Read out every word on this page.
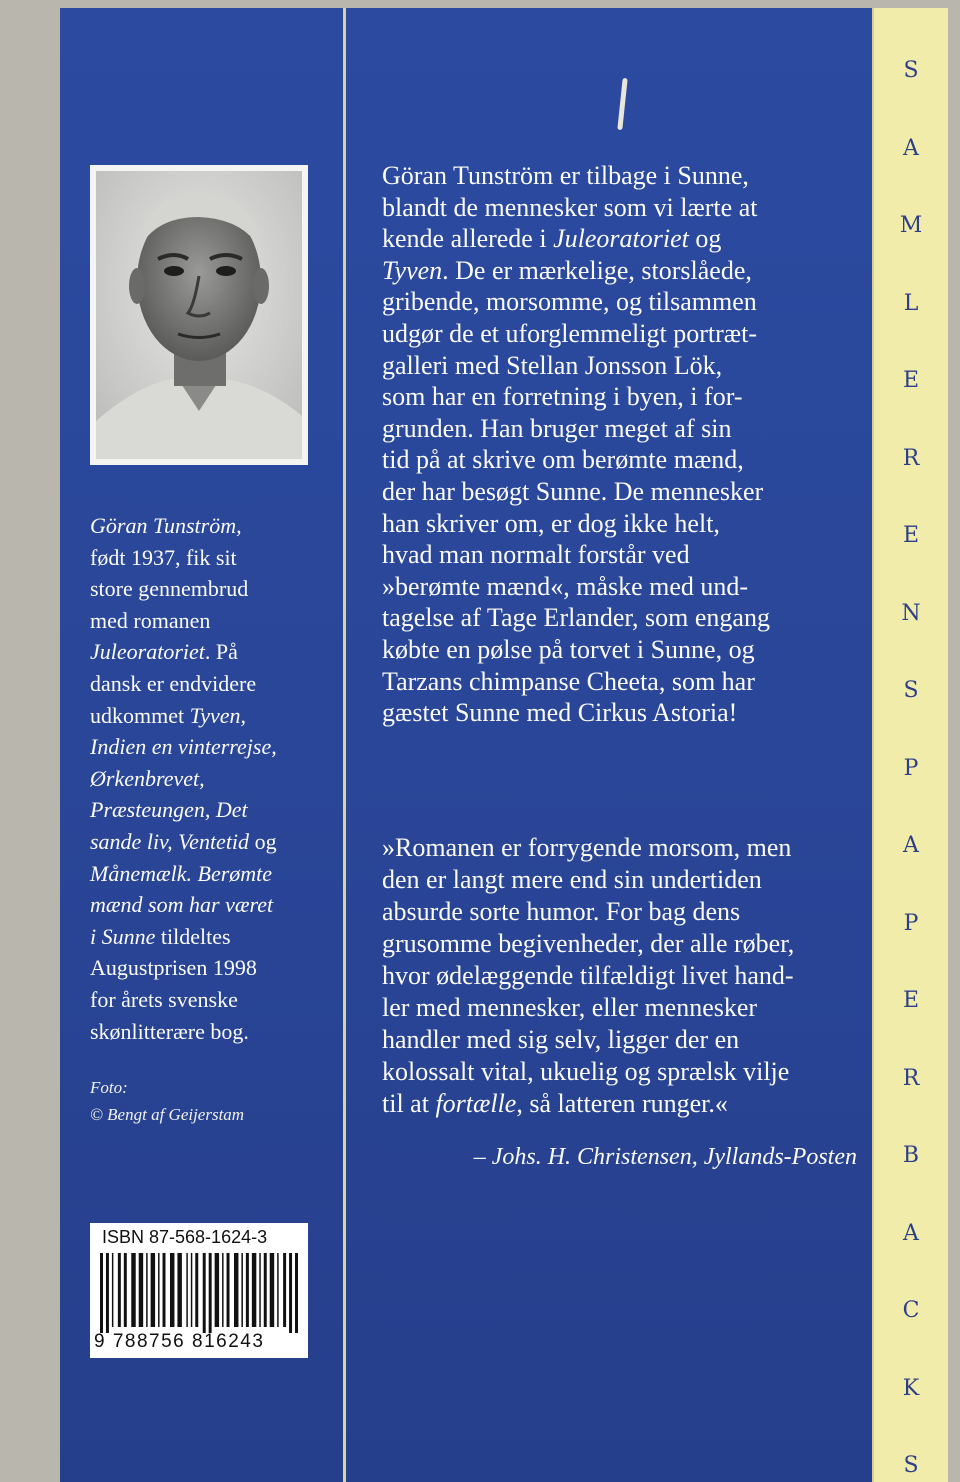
S
A
M
L
E
R
E
N
S
P
A
P
E
R
B
A
C
K
S
Göran Tunström,
født 1937, fik sit
store gennembrud
med romanen
Juleoratoriet. På
dansk er endvidere
udkommet Tyven,
Indien en vinterrejse,
Ørkenbrevet,
Præsteungen, Det
sande liv, Ventetid og
Månemælk. Berømte
mænd som har været
i Sunne tildeltes
Augustprisen 1998
for årets svenske
skønlitterære bog.
Foto:
© Bengt af Geijerstam
ISBN 87-568-1624-3
9 788756 816243
Göran Tunström er tilbage i Sunne,
blandt de mennesker som vi lærte at
kende allerede i Juleoratoriet og
Tyven. De er mærkelige, storslåede,
gribende, morsomme, og tilsammen
udgør de et uforglemmeligt portræt-
galleri med Stellan Jonsson Lök,
som har en forretning i byen, i for-
grunden. Han bruger meget af sin
tid på at skrive om berømte mænd,
der har besøgt Sunne. De mennesker
han skriver om, er dog ikke helt,
hvad man normalt forstår ved
»berømte mænd«, måske med und-
tagelse af Tage Erlander, som engang
købte en pølse på torvet i Sunne, og
Tarzans chimpanse Cheeta, som har
gæstet Sunne med Cirkus Astoria!
»Romanen er forrygende morsom, men
den er langt mere end sin undertiden
absurde sorte humor. For bag dens
grusomme begivenheder, der alle røber,
hvor ødelæggende tilfældigt livet hand-
ler med mennesker, eller mennesker
handler med sig selv, ligger der en
kolossalt vital, ukuelig og sprælsk vilje
til at fortælle, så latteren runger.«
– Johs. H. Christensen, Jyllands-Posten
